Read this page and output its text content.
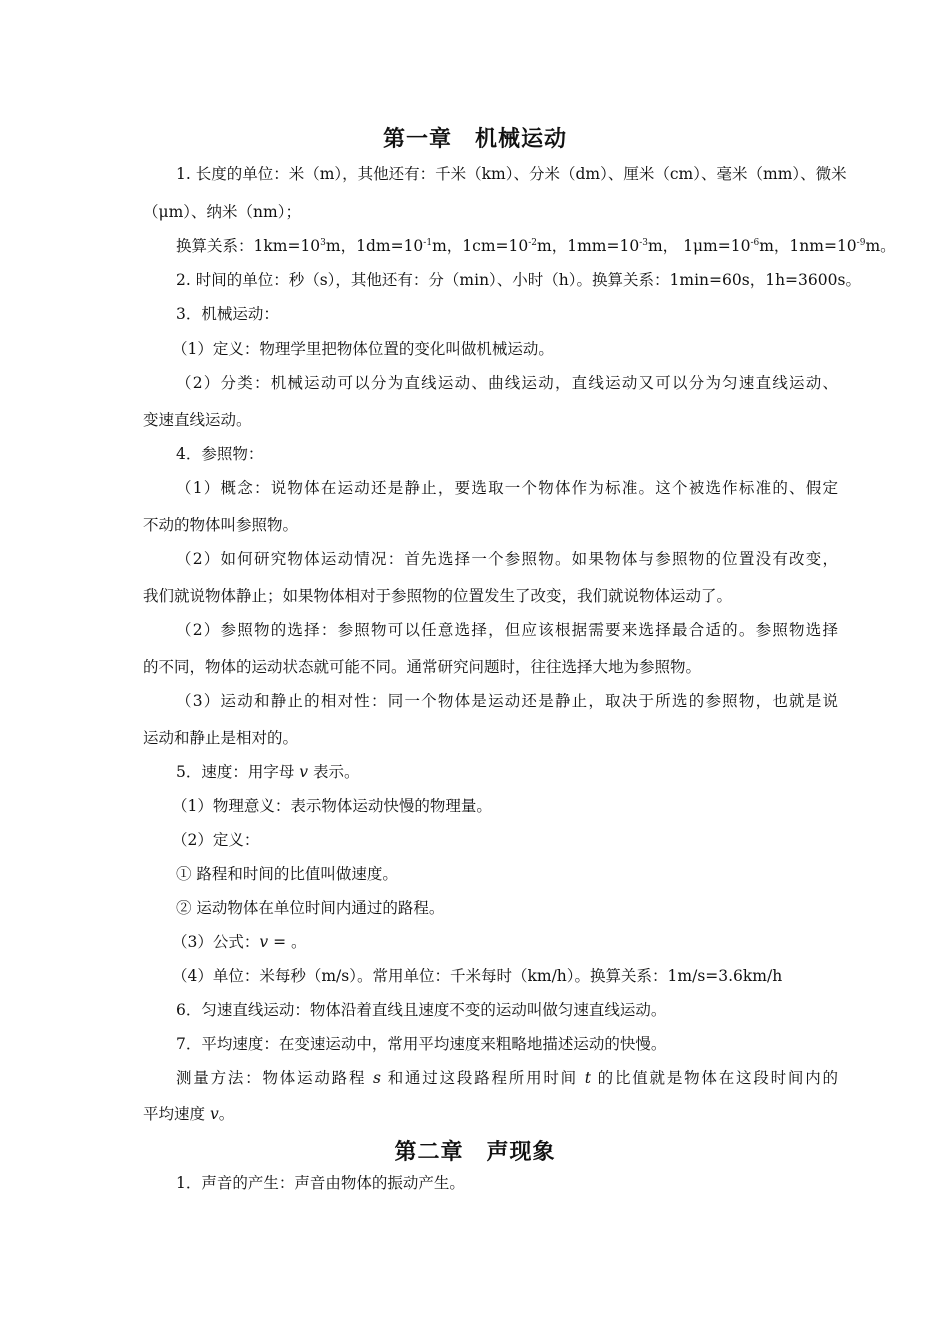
第一章　机械运动

1. 长度的单位：米（m），其他还有：千米（km）、分米（dm）、厘米（cm）、毫米（mm）、微米

（μm）、纳米（nm）；

换算关系：$1km=10^3m$，$1dm=10^{-1}m$，$1cm=10^{-2}m$，$1mm=10^{-3}m$， $1\mu m=10^{-6}m$，$1nm=10^{-9}m$。

2. 时间的单位：秒（s），其他还有：分（min）、小时（h）。换算关系：1min=60s，1h=3600s。

3．机械运动：

（1）定义：物理学里把物体位置的变化叫做机械运动。

（2）分类：机械运动可以分为直线运动、曲线运动，直线运动又可以分为匀速直线运动、

变速直线运动。

4．参照物：

（1）概念：说物体在运动还是静止，要选取一个物体作为标准。这个被选作标准的、假定

不动的物体叫参照物。

（2）如何研究物体运动情况：首先选择一个参照物。如果物体与参照物的位置没有改变，

我们就说物体静止；如果物体相对于参照物的位置发生了改变，我们就说物体运动了。

（2）参照物的选择：参照物可以任意选择，但应该根据需要来选择最合适的。参照物选择

的不同，物体的运动状态就可能不同。通常研究问题时，往往选择大地为参照物。

（3）运动和静止的相对性：同一个物体是运动还是静止，取决于所选的参照物，也就是说

运动和静止是相对的。

5．速度：用字母 v 表示。

（1）物理意义：表示物体运动快慢的物理量。

（2）定义：

① 路程和时间的比值叫做速度。

② 运动物体在单位时间内通过的路程。

（3）公式：v = 。

（4）单位：米每秒（m/s）。常用单位：千米每时（km/h）。换算关系：1m/s=3.6km/h

6．匀速直线运动：物体沿着直线且速度不变的运动叫做匀速直线运动。

7．平均速度：在变速运动中，常用平均速度来粗略地描述运动的快慢。

测量方法：物体运动路程 s 和通过这段路程所用时间 t 的比值就是物体在这段时间内的

平均速度 v。

第二章　声现象

1．声音的产生：声音由物体的振动产生。
